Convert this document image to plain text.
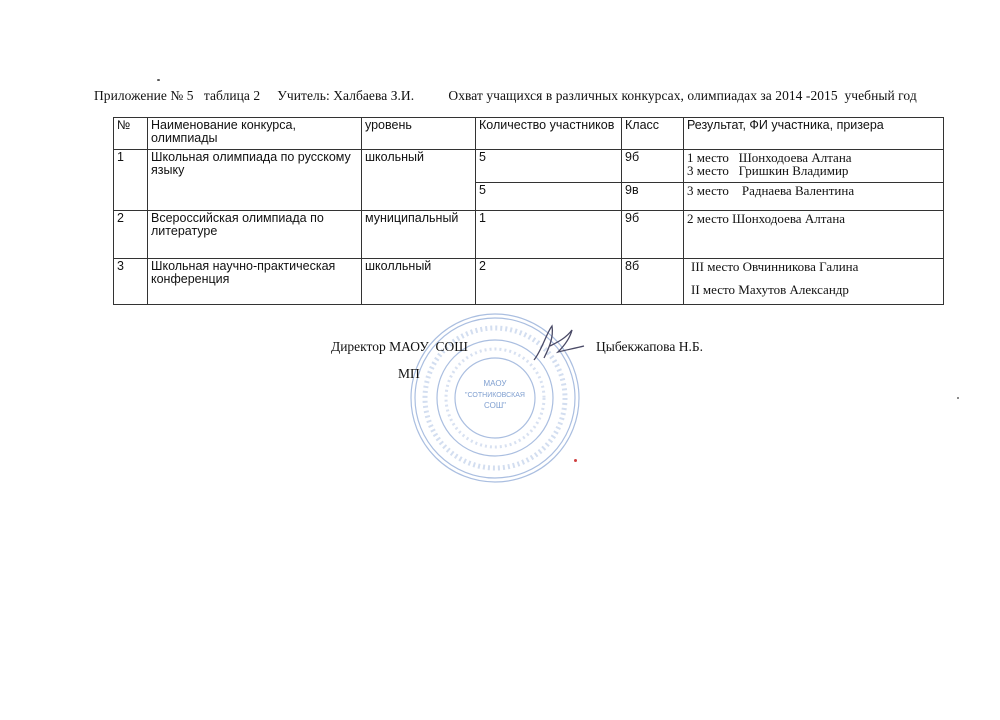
Приложение № 5 таблица 2 Учитель: Халбаева З.И.	Охват учащихся в различных конкурсах, олимпиадах за 2014 -2015  учебный год
№	Наименование конкурса, олимпиады	уровень	Количество участников	Класс	Результат, ФИ участника, призера
1	Школьная олимпиада по русскому языку	школьный	5	9б	1 место   Шонходоева Алтана
3 место   Гришкин Владимир

			5	9в	3 место    Раднаева Валентина

2	Всероссийская олимпиада по литературе	муниципальный	1	9б	2 место Шонходоева Алтана

3	Школьная научно-практическая конференция	школльный	2	8б	III место Овчинникова Галина
II место Махутов Александр
МАОУ
"СОТНИКОВСКАЯ
СОШ"
Директор МАОУ  СОШ	Цыбекжапова Н.Б.
МП
